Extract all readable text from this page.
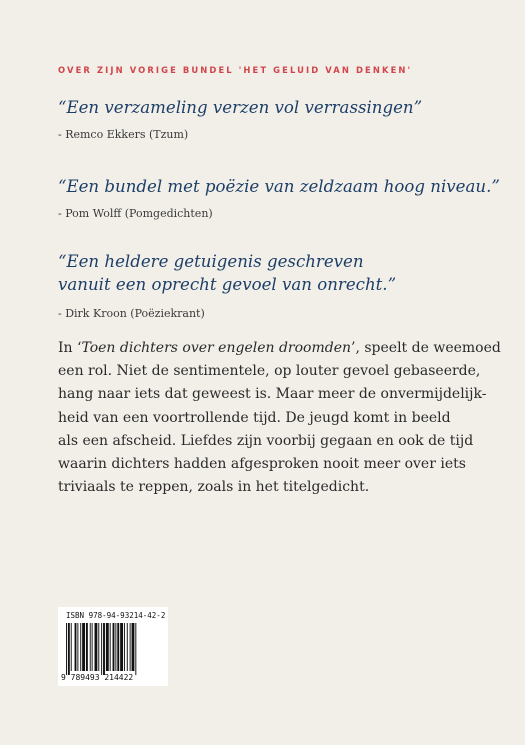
OVER ZIJN VORIGE BUNDEL 'HET GELUID VAN DENKEN'
“Een verzameling verzen vol verrassingen”
- Remco Ekkers (Tzum)
“Een bundel met poëzie van zeldzaam hoog niveau.”
- Pom Wolff (Pomgedichten)
“Een heldere getuigenis geschreven
vanuit een oprecht gevoel van onrecht.”
- Dirk Kroon (Poëziekrant)
In ‘Toen dichters over engelen droomden’, speelt de weemoed
een rol. Niet de sentimentele, op louter gevoel gebaseerde,
hang naar iets dat geweest is. Maar meer de onvermijdelijk-
heid van een voortrollende tijd. De jeugd komt in beeld
als een afscheid. Liefdes zijn voorbij gegaan en ook de tijd
waarin dichters hadden afgesproken nooit meer over iets
triviaals te reppen, zoals in het titelgedicht.
ISBN 978-94-93214-42-2
9 789493 214422
